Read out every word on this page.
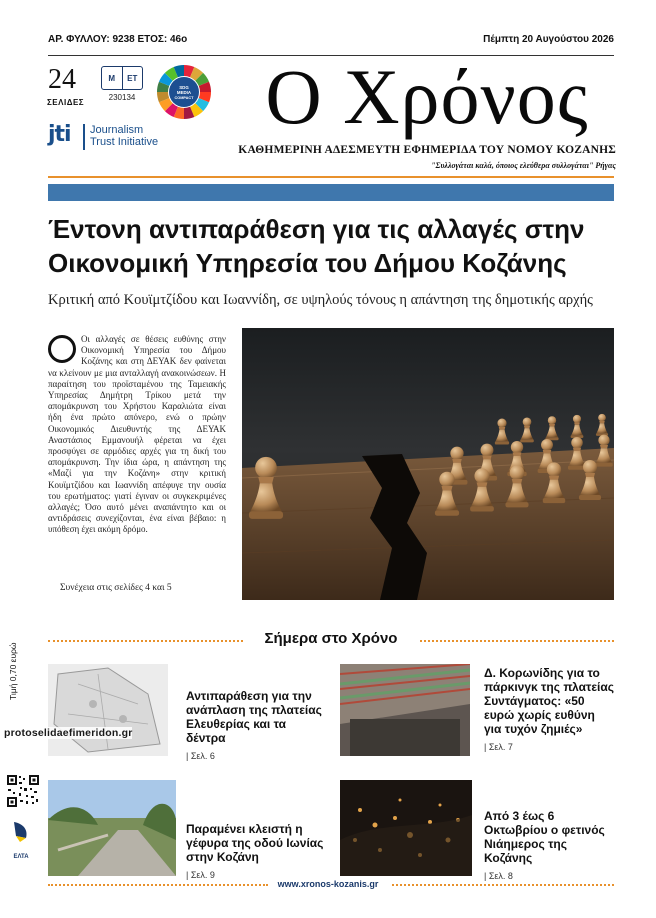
ΑΡ. ΦΥΛΛΟΥ: 9238 ΕΤΟΣ: 46ο	Πέμπτη 20 Αυγούστου 2026
24
ΣΕΛΙΔΕΣ
M	ET
230134
SDG
MEDIA
COMPACT
jti Journalism
Trust Initiative
Ο Χρόνος
ΚΑΘΗΜΕΡΙΝΗ ΑΔΕΣΜΕΥΤΗ ΕΦΗΜΕΡΙΔΑ ΤΟΥ ΝΟΜΟΥ ΚΟΖΑΝΗΣ
"Συλλογάται καλά, όποιος ελεύθερα συλλογάται" Ρήγας
Έντονη αντιπαράθεση για τις αλλαγές στην
Οικονομική Υπηρεσία του Δήμου Κοζάνης
Κριτική από Κουϊμτζίδου και Ιωαννίδη, σε υψηλούς τόνους η απάντηση της δημοτικής αρχής

Οι αλλαγές σε θέσεις ευθύνης στην Οικονομική Υπηρεσία του Δήμου Κοζάνης και στη ΔΕΥΑΚ δεν φαίνεται να κλείνουν με μια ανταλλαγή ανακοινώσεων. Η παραίτηση του προϊσταμένου της Ταμειακής Υπηρεσίας Δημήτρη Τρίκου μετά την απομάκρυνση του Χρήστου Καραλιώτα είναι ήδη ένα πρώτο απόνερο, ενώ ο πρώην Οικονομικός Διευθυντής της ΔΕΥΑΚ Αναστάσιος Εμμανουήλ φέρεται να έχει προσφύγει σε αρμόδιες αρχές για τη δική του απομάκρυνση. Την ίδια ώρα, η απάντηση της «Μαζί για την Κοζάνη» στην κριτική Κουϊμτζίδου και Ιωαννίδη απέφυγε την ουσία του ερωτήματος: γιατί έγιναν οι συγκεκριμένες αλλαγές; Όσο αυτό μένει αναπάντητο και οι αντιδράσεις συνεχίζονται, ένα είναι βέβαιο: η υπόθεση έχει ακόμη δρόμο.

Συνέχεια στις σελίδες 4 και 5
Σήμερα στο Χρόνο
Αντιπαράθεση για την ανάπλαση της πλατείας Ελευθερίας και τα δέντρα
| Σελ. 6
Δ. Κορωνίδης για το πάρκινγκ της πλατείας Συντάγματος: «50 ευρώ χωρίς ευθύνη για τυχόν ζημιές»
| Σελ. 7
Παραμένει κλειστή η γέφυρα της οδού Ιωνίας στην Κοζάνη
| Σελ. 9
Από 3 έως 6 Οκτωβρίου ο φετινός Νιάημερος της Κοζάνης
| Σελ. 8
Τιμή 0,70 ευρώ
protoselidaefimeridon.gr
ΕΛΤΑ
www.xronos-kozanis.gr
